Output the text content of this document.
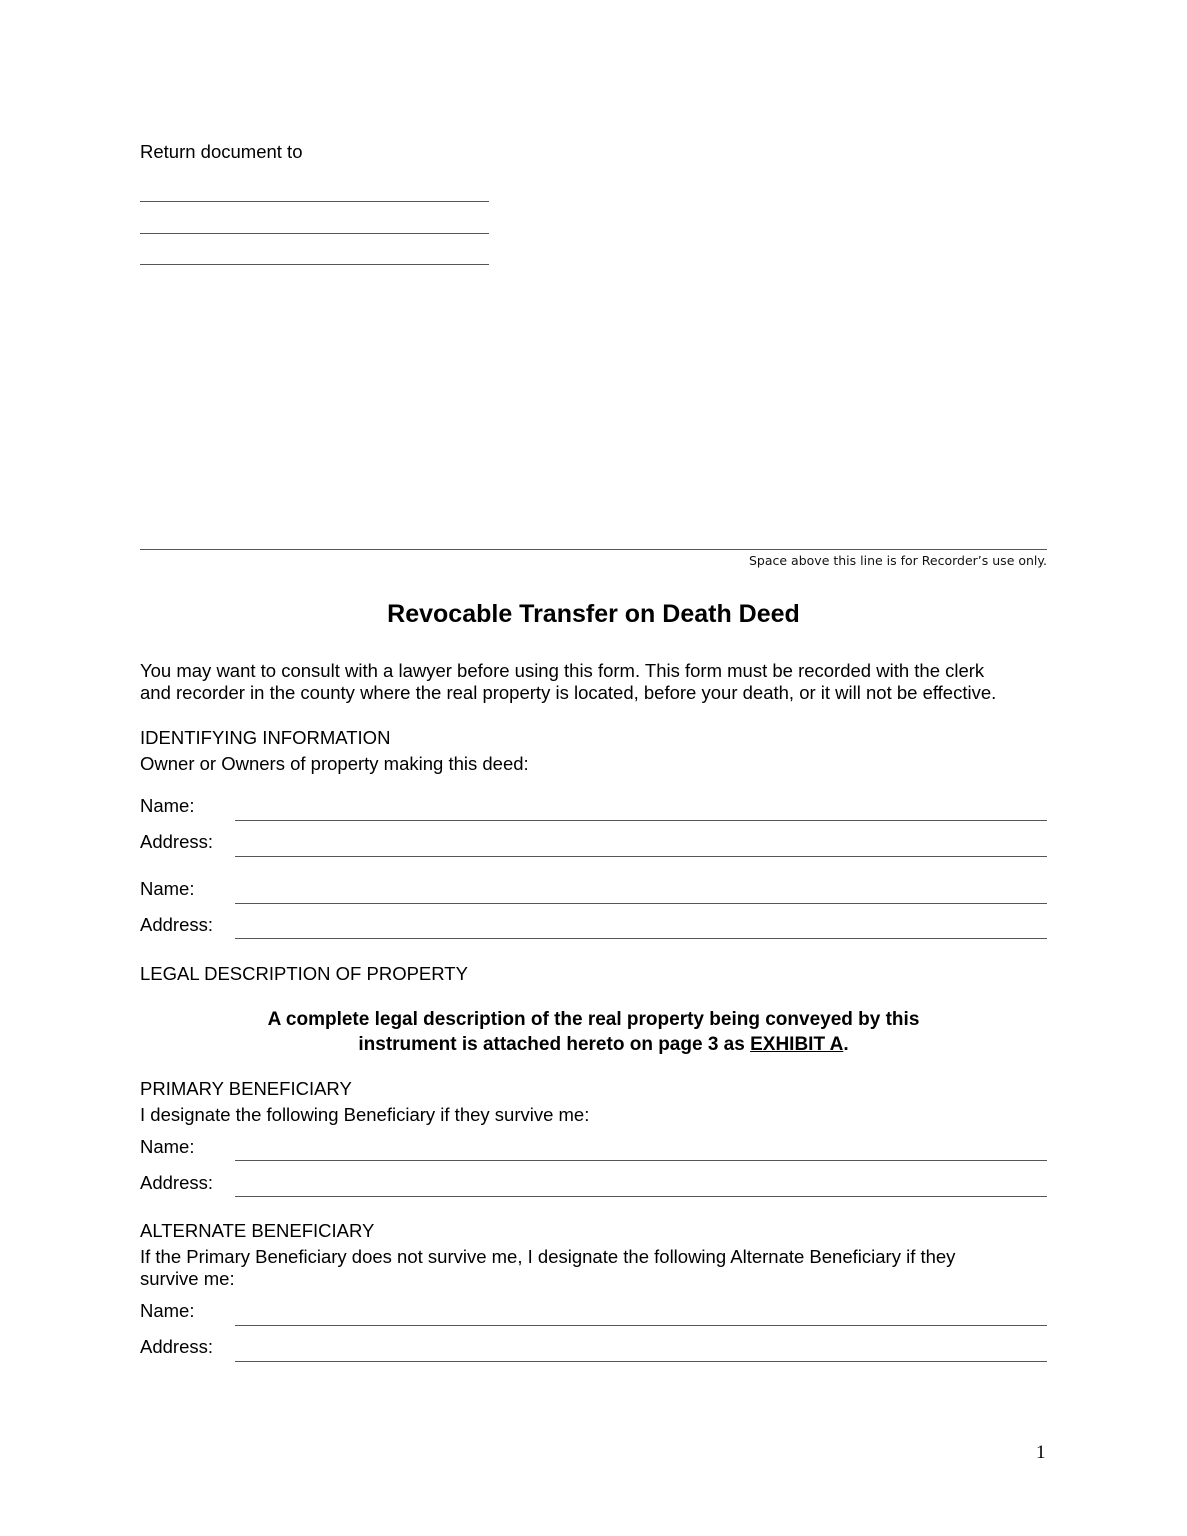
Return document to
Space above this line is for Recorder’s use only.
Revocable Transfer on Death Deed
You may want to consult with a lawyer before using this form. This form must be recorded with the clerk
and recorder in the county where the real property is located, before your death, or it will not be effective.
IDENTIFYING INFORMATION
Owner or Owners of property making this deed:
Name:
Address:
Name:
Address:
LEGAL DESCRIPTION OF PROPERTY
A complete legal description of the real property being conveyed by this
instrument is attached hereto on page 3 as EXHIBIT A.
PRIMARY BENEFICIARY
I designate the following Beneficiary if they survive me:
Name:
Address:
ALTERNATE BENEFICIARY
If the Primary Beneficiary does not survive me, I designate the following Alternate Beneficiary if they
survive me:
Name:
Address:
1
